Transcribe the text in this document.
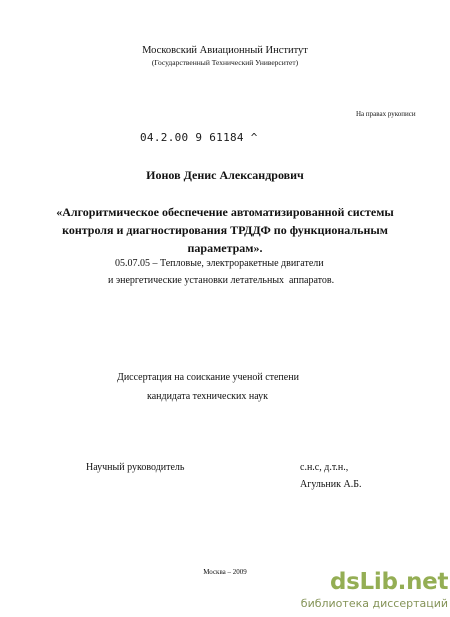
Московский Авиационный Институт
(Государственный Технический Университет)
На правах рукописи
04.2.00 9 61184 ^
Ионов Денис Александрович
«Алгоритмическое обеспечение автоматизированной системы
контроля и диагностирования ТРДДФ по функциональным
параметрам».
05.07.05 – Тепловые, электроракетные двигатели
и энергетические установки летательных  аппаратов.
Диссертация на соискание ученой степени
кандидата технических наук
Научный руководитель	с.н.с, д.т.н.,
Агульник А.Б.
Москва – 2009	dsLib.net
библиотека диссертаций
